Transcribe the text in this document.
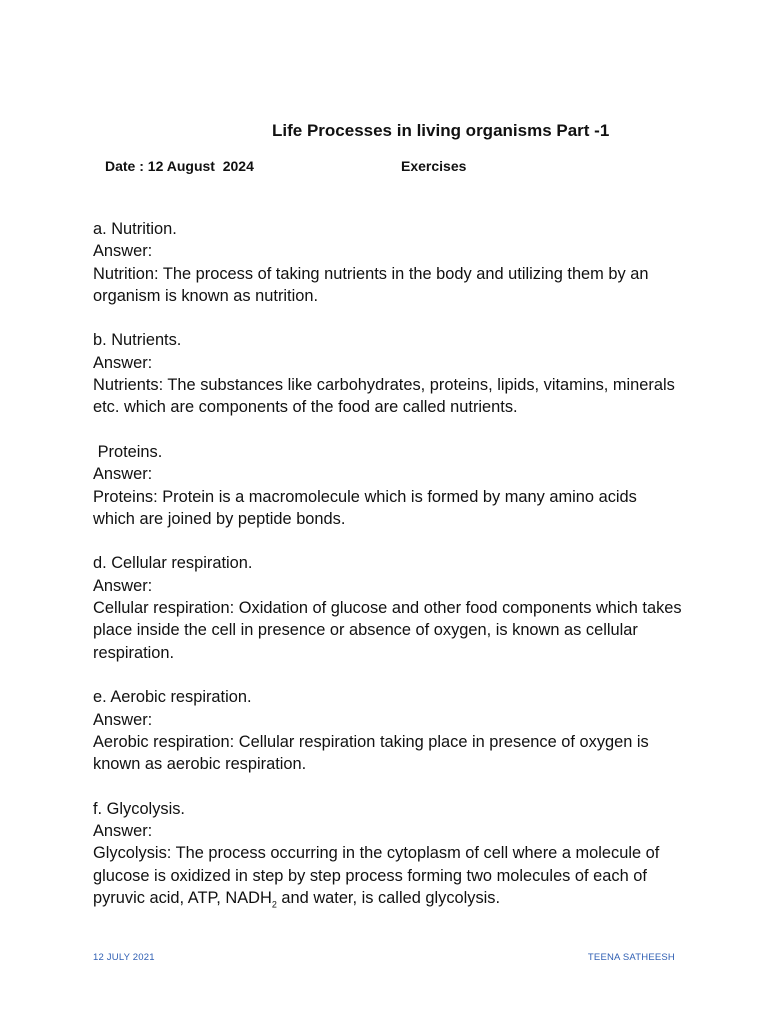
Life Processes in living organisms Part -1
Date : 12 August  2024	Exercises
a. Nutrition.
Answer:
Nutrition: The process of taking nutrients in the body and utilizing them by an organism is known as nutrition.
b. Nutrients.
Answer:
Nutrients: The substances like carbohydrates, proteins, lipids, vitamins, minerals etc. which are components of the food are called nutrients.
Proteins.
Answer:
Proteins: Protein is a macromolecule which is formed by many amino acids which are joined by peptide bonds.
d. Cellular respiration.
Answer:
Cellular respiration: Oxidation of glucose and other food components which takes place inside the cell in presence or absence of oxygen, is known as cellular respiration.
e. Aerobic respiration.
Answer:
Aerobic respiration: Cellular respiration taking place in presence of oxygen is known as aerobic respiration.
f. Glycolysis.
Answer:
Glycolysis: The process occurring in the cytoplasm of cell where a molecule of glucose is oxidized in step by step process forming two molecules of each of pyruvic acid, ATP, $NADH_2$ and water, is called glycolysis.
12 JULY 2021	TEENA SATHEESH
